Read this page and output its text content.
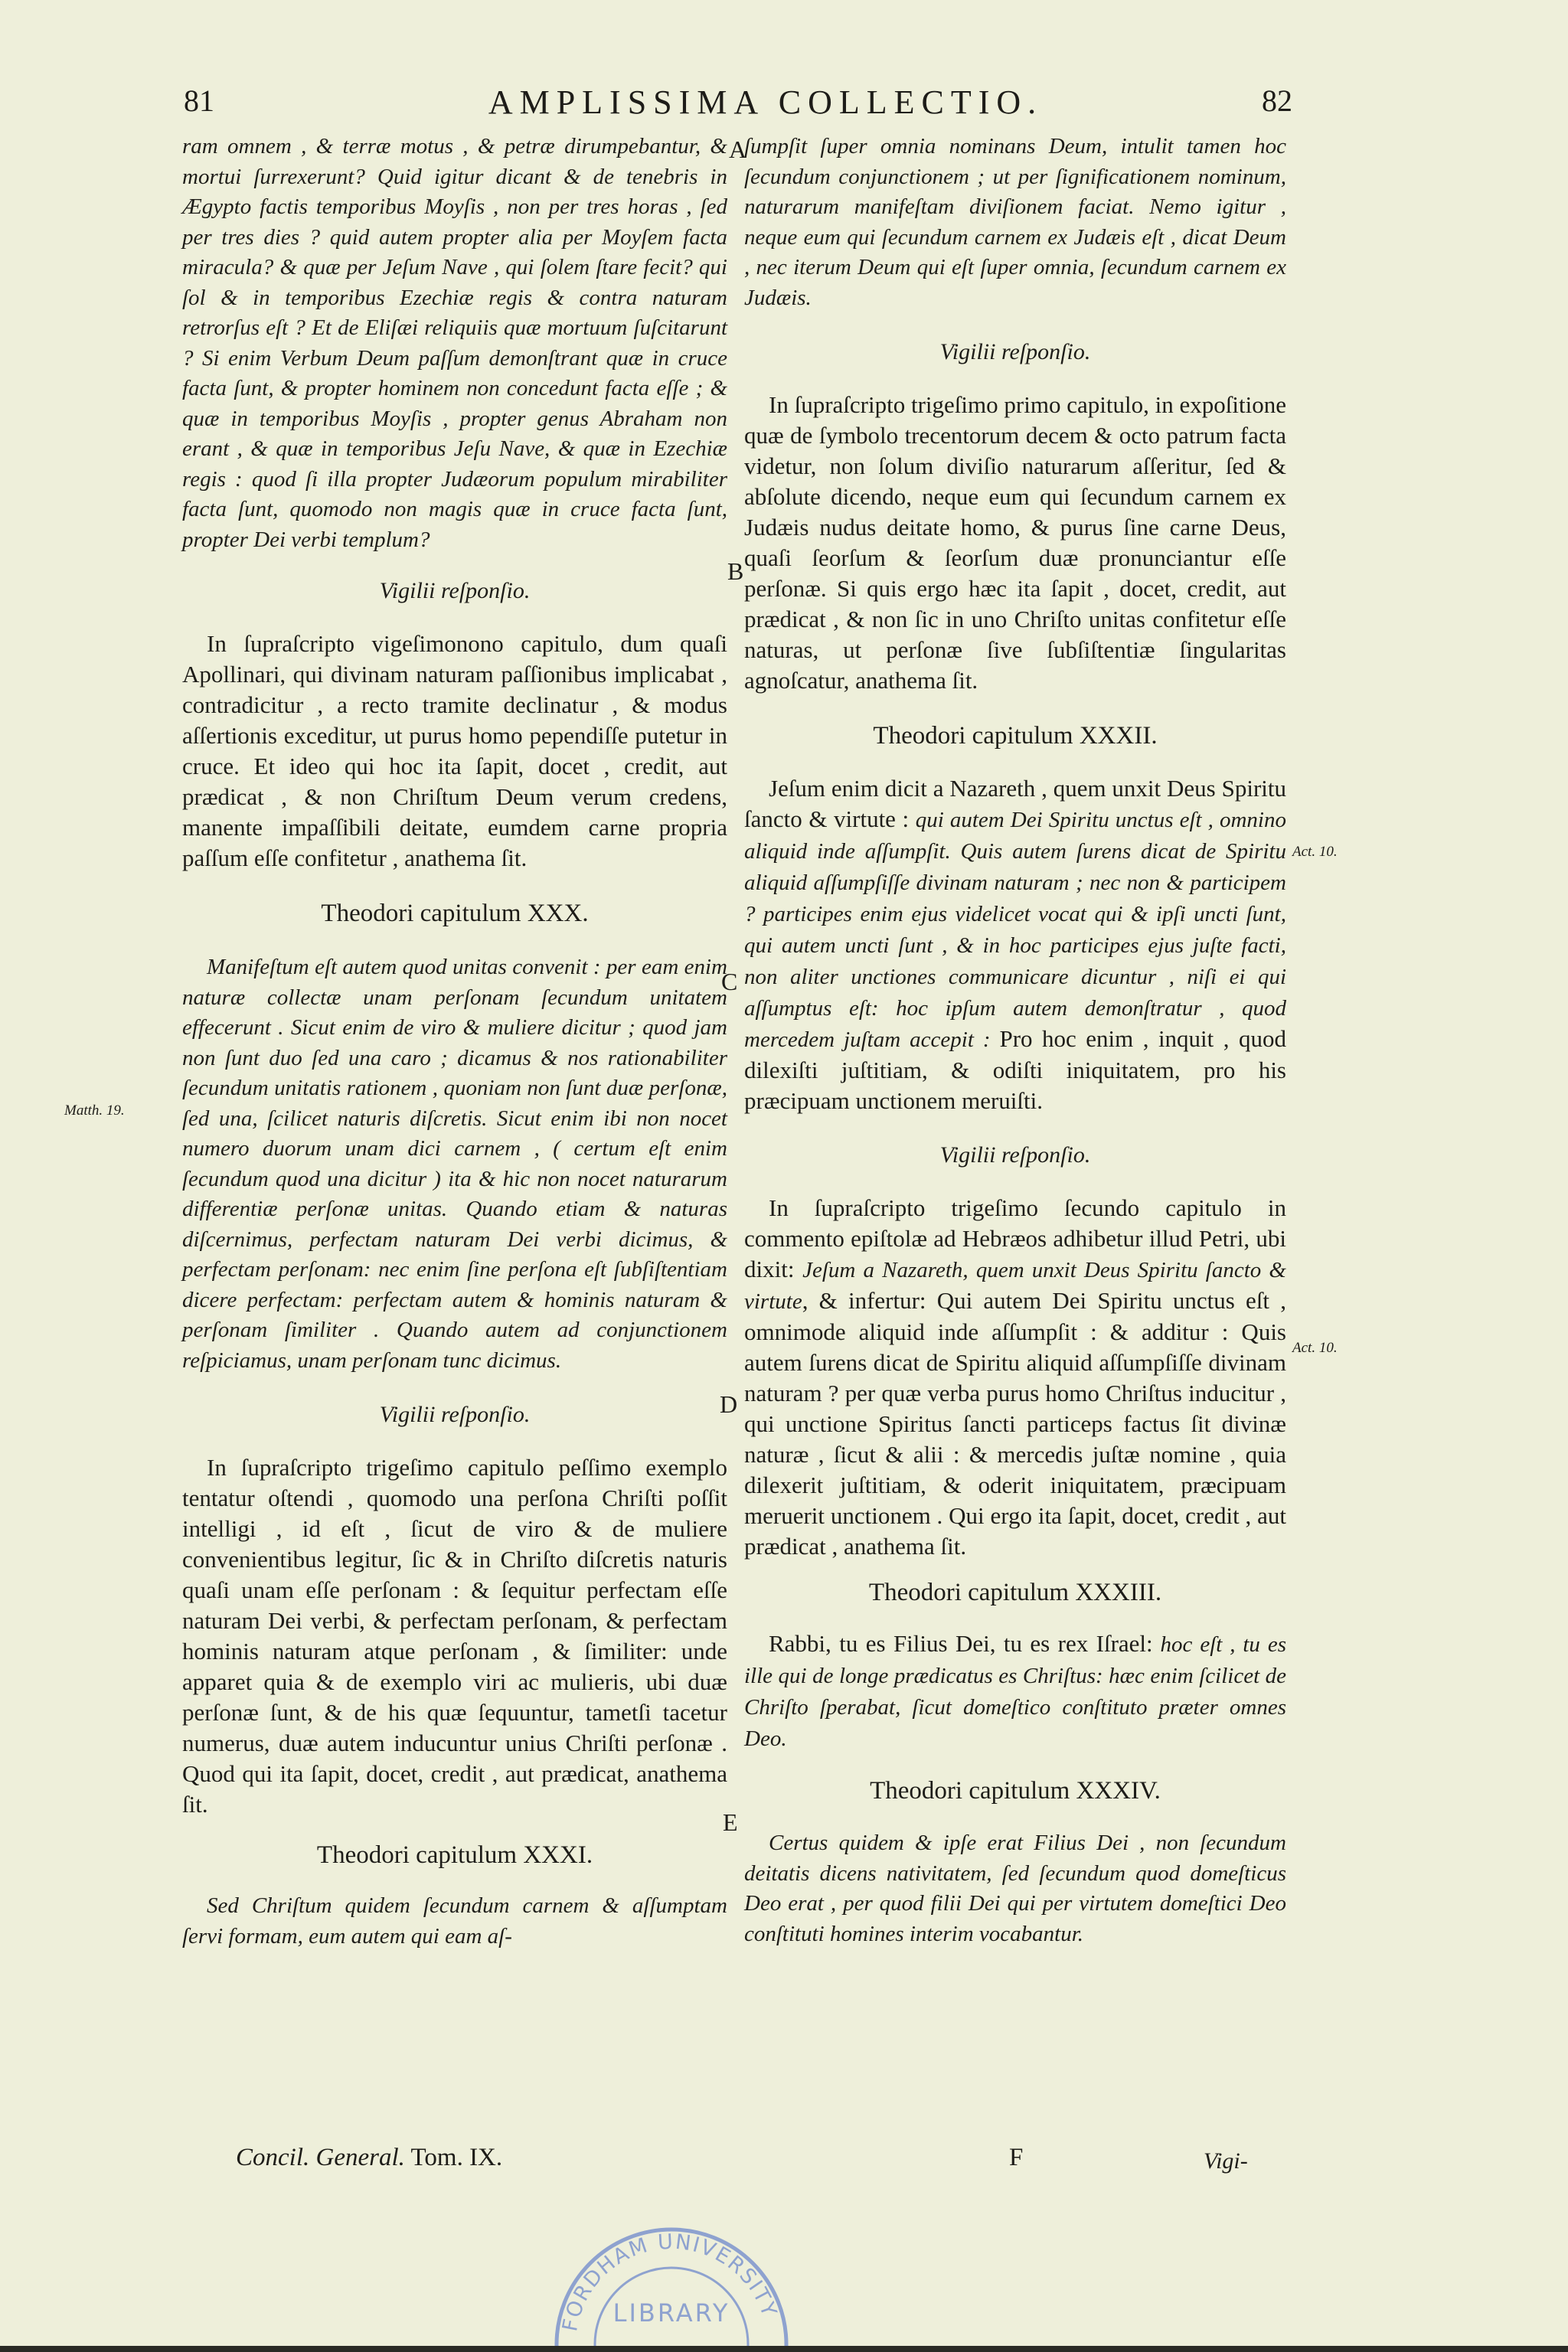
81	AMPLISSIMA COLLECTIO.	82

ram omnem , & terræ motus , & petræ dirumpebantur, & mortui ſurrexerunt? Quid igitur dicant & de tenebris in Ægypto factis temporibus Moyſis , non per tres horas , ſed per tres dies ? quid autem propter alia per Moyſem facta miracula? & quæ per Jeſum Nave , qui ſolem ſtare fecit? qui ſol & in temporibus Ezechiæ regis & contra naturam retrorſus eſt ? Et de Eliſæi reliquiis quæ mortuum ſuſcitarunt ? Si enim Verbum Deum paſſum demonſtrant quæ in cruce facta ſunt, & propter hominem non concedunt facta eſſe ; & quæ in temporibus Moyſis , propter genus Abraham non erant , & quæ in temporibus Jeſu Nave, & quæ in Ezechiæ regis : quod ſi illa propter Judæorum populum mirabiliter facta ſunt, quomodo non magis quæ in cruce facta ſunt, propter Dei verbi templum?

Vigilii reſponſio.

In ſupraſcripto vigeſimonono capitulo, dum quaſi Apollinari, qui divinam naturam paſſionibus implicabat , contradicitur , a recto tramite declinatur , & modus aſſertionis exceditur, ut purus homo pependiſſe putetur in cruce. Et ideo qui hoc ita ſapit, docet , credit, aut prædicat , & non Chriſtum Deum verum credens, manente impaſſibili deitate, eumdem carne propria paſſum eſſe confitetur , anathema ſit.

Theodori capitulum XXX.

Manifeſtum eſt autem quod unitas convenit : per eam enim naturæ collectæ unam perſonam ſecundum unitatem effecerunt . Sicut enim de viro & muliere dicitur ; quod jam non ſunt duo ſed una caro ; dicamus & nos rationabiliter ſecundum unitatis rationem , quoniam non ſunt duæ perſonæ, ſed una, ſcilicet naturis diſcretis. Sicut enim ibi non nocet numero duorum unam dici carnem , ( certum eſt enim ſecundum quod una dicitur ) ita & hic non nocet naturarum differentiæ perſonæ unitas. Quando etiam & naturas diſcernimus, perfectam naturam Dei verbi dicimus, & perfectam perſonam: nec enim ſine perſona eſt ſubſiſtentiam dicere perfectam: perfectam autem & hominis naturam & perſonam ſimiliter . Quando autem ad conjunctionem reſpiciamus, unam perſonam tunc dicimus.

Vigilii reſponſio.

In ſupraſcripto trigeſimo capitulo peſſimo exemplo tentatur oſtendi , quomodo una perſona Chriſti poſſit intelligi , id eſt , ſicut de viro & de muliere convenientibus legitur, ſic & in Chriſto diſcretis naturis quaſi unam eſſe perſonam : & ſequitur perfectam eſſe naturam Dei verbi, & perfectam perſonam, & perfectam hominis naturam atque perſonam , & ſimiliter: unde apparet quia & de exemplo viri ac mulieris, ubi duæ perſonæ ſunt, & de his quæ ſequuntur, tametſi tacetur numerus, duæ autem inducuntur unius Chriſti perſonæ . Quod qui ita ſapit, docet, credit , aut prædicat, anathema ſit.

Theodori capitulum XXXI.

Sed Chriſtum quidem ſecundum carnem & aſſumptam ſervi formam, eum autem qui eam aſ-

ſumpſit ſuper omnia nominans Deum, intulit tamen hoc ſecundum conjunctionem ; ut per ſignificationem nominum, naturarum manifeſtam diviſionem faciat. Nemo igitur , neque eum qui ſecundum carnem ex Judæis eſt , dicat Deum , nec iterum Deum qui eſt ſuper omnia, ſecundum carnem ex Judæis.

Vigilii reſponſio.

In ſupraſcripto trigeſimo primo capitulo, in expoſitione quæ de ſymbolo trecentorum decem & octo patrum facta videtur, non ſolum diviſio naturarum aſſeritur, ſed & abſolute dicendo, neque eum qui ſecundum carnem ex Judæis nudus deitate homo, & purus ſine carne Deus, quaſi ſeorſum & ſeorſum duæ pronunciantur eſſe perſonæ. Si quis ergo hæc ita ſapit , docet, credit, aut prædicat , & non ſic in uno Chriſto unitas confitetur eſſe naturas, ut perſonæ ſive ſubſiſtentiæ ſingularitas agnoſcatur, anathema ſit.

Theodori capitulum XXXII.

Jeſum enim dicit a Nazareth , quem unxit Deus Spiritu ſancto & virtute : qui autem Dei Spiritu unctus eſt , omnino aliquid inde aſſumpſit. Quis autem ſurens dicat de Spiritu aliquid aſſumpſiſſe divinam naturam ; nec non & participem ? participes enim ejus videlicet vocat qui & ipſi uncti ſunt, qui autem uncti ſunt , & in hoc participes ejus juſte facti, non aliter unctiones communicare dicuntur , niſi ei qui aſſumptus eſt: hoc ipſum autem demonſtratur , quod mercedem juſtam accepit : Pro hoc enim , inquit , quod dilexiſti juſtitiam, & odiſti iniquitatem, pro his præcipuam unctionem meruiſti.

Vigilii reſponſio.

In ſupraſcripto trigeſimo ſecundo capitulo in commento epiſtolæ ad Hebræos adhibetur illud Petri, ubi dixit: Jeſum a Nazareth, quem unxit Deus Spiritu ſancto & virtute, & infertur: Qui autem Dei Spiritu unctus eſt , omnimode aliquid inde aſſumpſit : & additur : Quis autem ſurens dicat de Spiritu aliquid aſſumpſiſſe divinam naturam ? per quæ verba purus homo Chriſtus inducitur , qui unctione Spiritus ſancti particeps factus ſit divinæ naturæ , ſicut & alii : & mercedis juſtæ nomine , quia dilexerit juſtitiam, & oderit iniquitatem, præcipuam meruerit unctionem . Qui ergo ita ſapit, docet, credit , aut prædicat , anathema ſit.

Theodori capitulum XXXIII.

Rabbi, tu es Filius Dei, tu es rex Iſrael: hoc eſt , tu es ille qui de longe prædicatus es Chriſtus: hæc enim ſcilicet de Chriſto ſperabat, ſicut domeſtico conſtituto præter omnes Deo.

Theodori capitulum XXXIV.

Certus quidem & ipſe erat Filius Dei , non ſecundum deitatis dicens nativitatem, ſed ſecundum quod domeſticus Deo erat , per quod filii Dei qui per virtutem domeſtici Deo conſtituti homines interim vocabantur.

Matth. 19.
Act. 10.
Act. 10.
A
B
C
D
E
Concil. General. Tom. IX.	F	Vigi-
FORDHAM UNIVERSITY
LIBRARY
